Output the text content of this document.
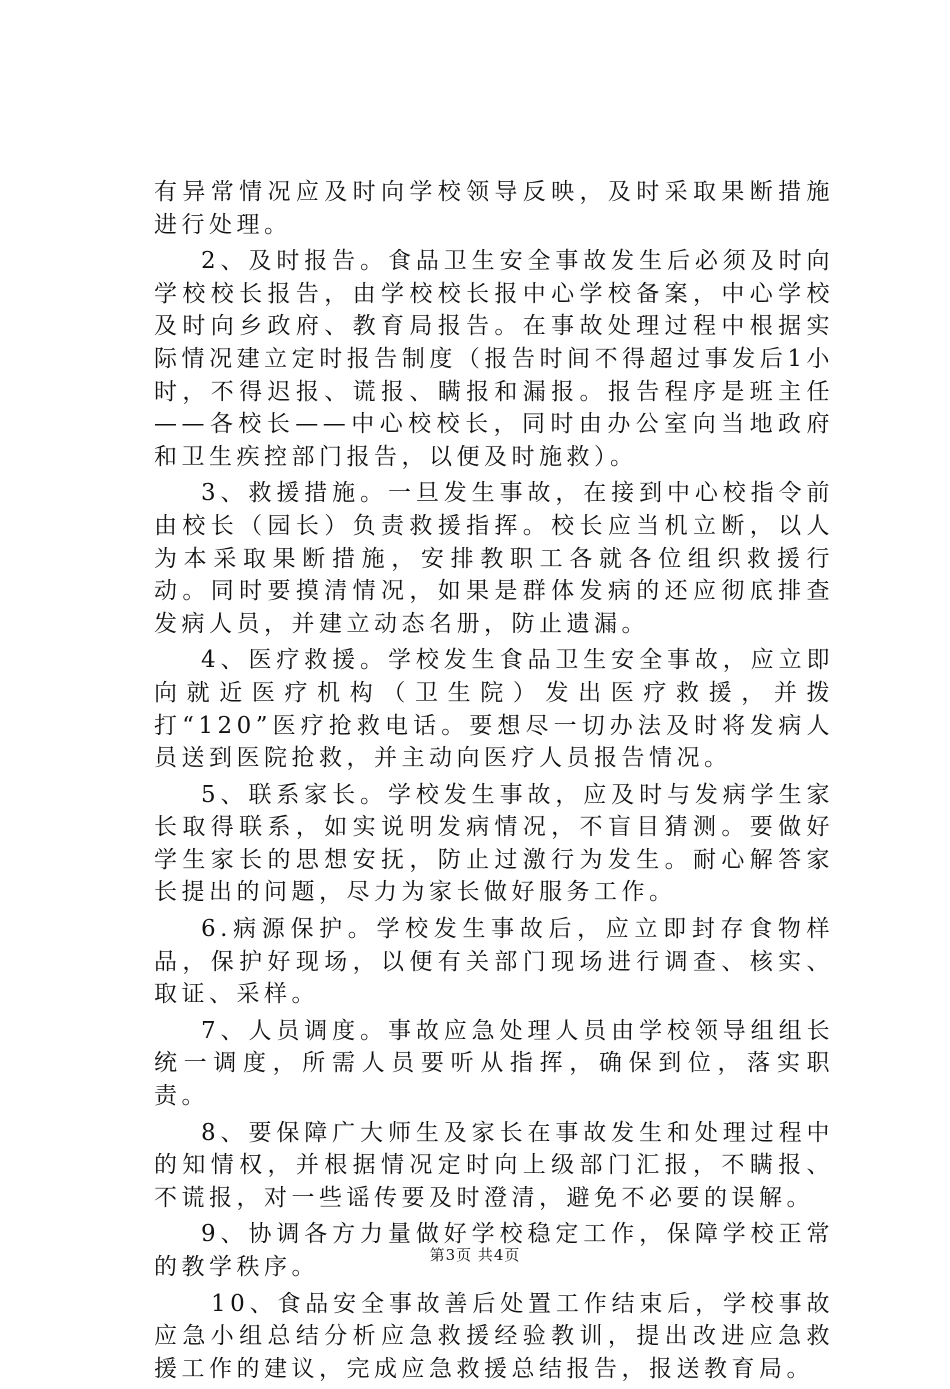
有异常情况应及时向学校领导反映，及时采取果断措施进行处理。

2、及时报告。食品卫生安全事故发生后必须及时向学校校长报告，由学校校长报中心学校备案，中心学校及时向乡政府、教育局报告。在事故处理过程中根据实际情况建立定时报告制度（报告时间不得超过事发后1小时，不得迟报、谎报、瞒报和漏报。报告程序是班主任——各校长——中心校校长，同时由办公室向当地政府和卫生疾控部门报告，以便及时施救）。

3、救援措施。一旦发生事故，在接到中心校指令前由校长（园长）负责救援指挥。校长应当机立断，以人为本采取果断措施，安排教职工各就各位组织救援行动。同时要摸清情况，如果是群体发病的还应彻底排查发病人员，并建立动态名册，防止遗漏。

4、医疗救援。学校发生食品卫生安全事故，应立即向就近医疗机构（卫生院）发出医疗救援，并拨打“120”医疗抢救电话。要想尽一切办法及时将发病人员送到医院抢救，并主动向医疗人员报告情况。

5、联系家长。学校发生事故，应及时与发病学生家长取得联系，如实说明发病情况，不盲目猜测。要做好学生家长的思想安抚，防止过激行为发生。耐心解答家长提出的问题，尽力为家长做好服务工作。

6.病源保护。学校发生事故后，应立即封存食物样品，保护好现场，以便有关部门现场进行调查、核实、取证、采样。

7、人员调度。事故应急处理人员由学校领导组组长统一调度，所需人员要听从指挥，确保到位，落实职责。

8、要保障广大师生及家长在事故发生和处理过程中的知情权，并根据情况定时向上级部门汇报，不瞒报、不谎报，对一些谣传要及时澄清，避免不必要的误解。

9、协调各方力量做好学校稳定工作，保障学校正常的教学秩序。

10、食品安全事故善后处置工作结束后，学校事故应急小组总结分析应急救援经验教训，提出改进应急救援工作的建议，完成应急救援总结报告，报送教育局。

第3页 共4页
